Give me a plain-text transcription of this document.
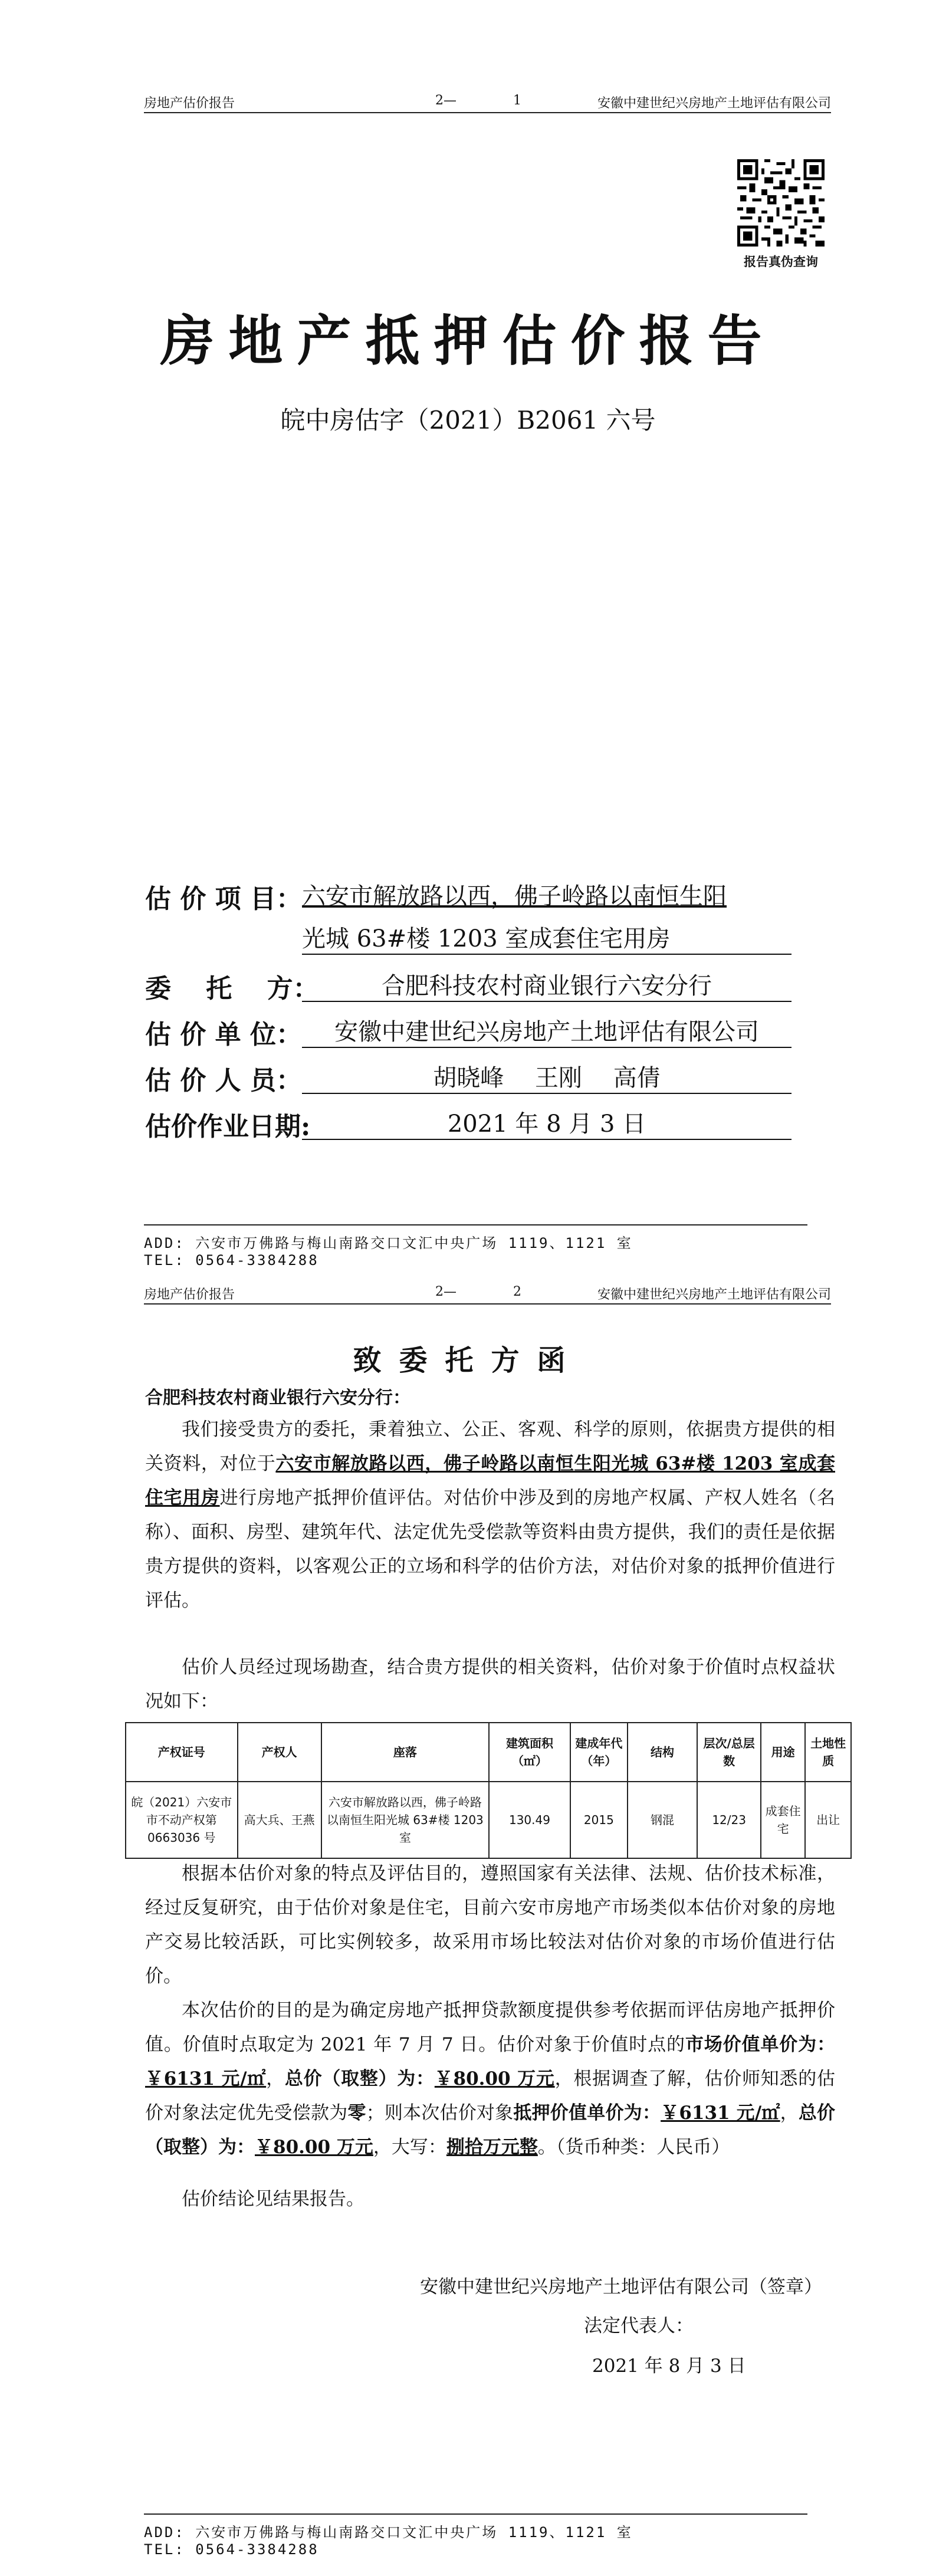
房地产估价报告	2—	1	安徽中建世纪兴房地产土地评估有限公司
报告真伪查询
房地产抵押估价报告
皖中房估字（2021）B2061 六号
估 价 项 目： 六安市解放路以西，佛子岭路以南恒生阳
光城 63#楼 1203 室成套住宅用房
委　 托　 方：	合肥科技农村商业银行六安分行
估 价 单 位：	安徽中建世纪兴房地产土地评估有限公司
估 价 人 员：	胡晓峰　 王刚　 高倩
估价作业日期:	2021 年 8 月 3 日
ADD: 六安市万佛路与梅山南路交口文汇中央广场 1119、1121 室
TEL: 0564-3384288
房地产估价报告	2—	2	安徽中建世纪兴房地产土地评估有限公司
致委托方函
合肥科技农村商业银行六安分行：
我们接受贵方的委托，秉着独立、公正、客观、科学的原则，依据贵方提供的相关资料，对位于六安市解放路以西，佛子岭路以南恒生阳光城 63#楼 1203 室成套住宅用房进行房地产抵押价值评估。对估价中涉及到的房地产权属、产权人姓名（名称）、面积、房型、建筑年代、法定优先受偿款等资料由贵方提供，我们的责任是依据贵方提供的资料，以客观公正的立场和科学的估价方法，对估价对象的抵押价值进行评估。
估价人员经过现场勘查，结合贵方提供的相关资料，估价对象于价值时点权益状况如下：
产权证号	产权人	座落	建筑面积（㎡）	建成年代（年）	结构	层次/总层数	用途	土地性质
皖（2021）六安市市不动产权第 0663036 号	高大兵、王燕	六安市解放路以西，佛子岭路以南恒生阳光城 63#楼 1203 室	130.49	2015	钢混	12/23	成套住宅	出让
根据本估价对象的特点及评估目的，遵照国家有关法律、法规、估价技术标准，经过反复研究，由于估价对象是住宅，目前六安市房地产市场类似本估价对象的房地产交易比较活跃，可比实例较多，故采用市场比较法对估价对象的市场价值进行估价。
本次估价的目的是为确定房地产抵押贷款额度提供参考依据而评估房地产抵押价值。价值时点取定为 2021 年 7 月 7 日。估价对象于价值时点的市场价值单价为：￥6131 元/㎡，总价（取整）为：￥80.00 万元，根据调查了解，估价师知悉的估价对象法定优先受偿款为零；则本次估价对象抵押价值单价为：￥6131 元/㎡，总价（取整）为：￥80.00 万元，大写：捌拾万元整。（货币种类：人民币）
估价结论见结果报告。
安徽中建世纪兴房地产土地评估有限公司（签章）
法定代表人：
2021 年 8 月 3 日
ADD: 六安市万佛路与梅山南路交口文汇中央广场 1119、1121 室
TEL: 0564-3384288
